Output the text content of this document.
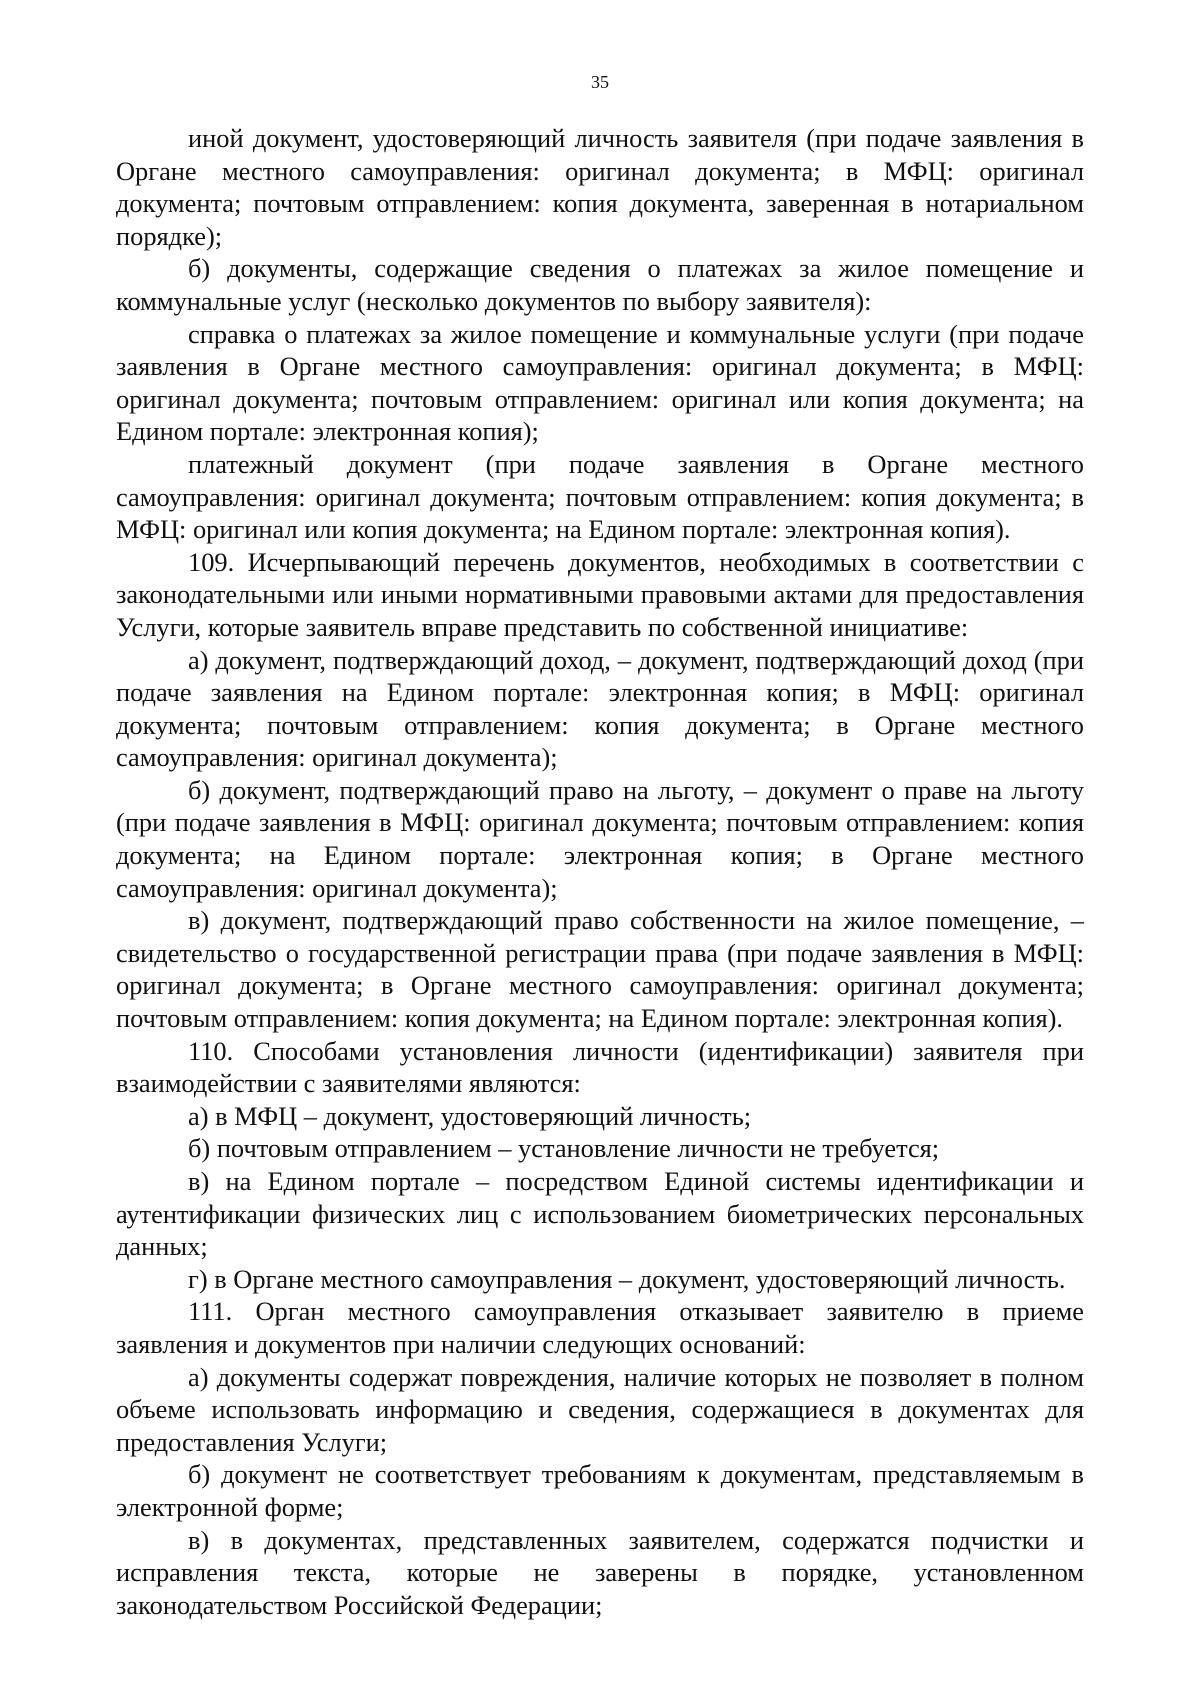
35

иной документ, удостоверяющий личность заявителя (при подаче заявления в Органе местного самоуправления: оригинал документа; в МФЦ: оригинал документа; почтовым отправлением: копия документа, заверенная в нотариальном порядке);

б) документы, содержащие сведения о платежах за жилое помещение и коммунальные услуг (несколько документов по выбору заявителя):

справка о платежах за жилое помещение и коммунальные услуги (при подаче заявления в Органе местного самоуправления: оригинал документа; в МФЦ: оригинал документа; почтовым отправлением: оригинал или копия документа; на Едином портале: электронная копия);

платежный документ (при подаче заявления в Органе местного самоуправления: оригинал документа; почтовым отправлением: копия документа; в МФЦ: оригинал или копия документа; на Едином портале: электронная копия).

109. Исчерпывающий перечень документов, необходимых в соответствии с законодательными или иными нормативными правовыми актами для предоставления Услуги, которые заявитель вправе представить по собственной инициативе:

а) документ, подтверждающий доход, – документ, подтверждающий доход (при подаче заявления на Едином портале: электронная копия; в МФЦ: оригинал документа; почтовым отправлением: копия документа; в Органе местного самоуправления: оригинал документа);

б) документ, подтверждающий право на льготу, – документ о праве на льготу (при подаче заявления в МФЦ: оригинал документа; почтовым отправлением: копия документа; на Едином портале: электронная копия; в Органе местного самоуправления: оригинал документа);

в) документ, подтверждающий право собственности на жилое помещение, – свидетельство о государственной регистрации права (при подаче заявления в МФЦ: оригинал документа; в Органе местного самоуправления: оригинал документа; почтовым отправлением: копия документа; на Едином портале: электронная копия).

110. Способами установления личности (идентификации) заявителя при взаимодействии с заявителями являются:

а) в МФЦ – документ, удостоверяющий личность;

б) почтовым отправлением – установление личности не требуется;

в) на Едином портале – посредством Единой системы идентификации и аутентификации физических лиц с использованием биометрических персональных данных;

г) в Органе местного самоуправления – документ, удостоверяющий личность.

111. Орган местного самоуправления отказывает заявителю в приеме заявления и документов при наличии следующих оснований:

а) документы содержат повреждения, наличие которых не позволяет в полном объеме использовать информацию и сведения, содержащиеся в документах для предоставления Услуги;

б) документ не соответствует требованиям к документам, представляемым в электронной форме;

в) в документах, представленных заявителем, содержатся подчистки и исправления текста, которые не заверены в порядке, установленном законодательством Российской Федерации;
